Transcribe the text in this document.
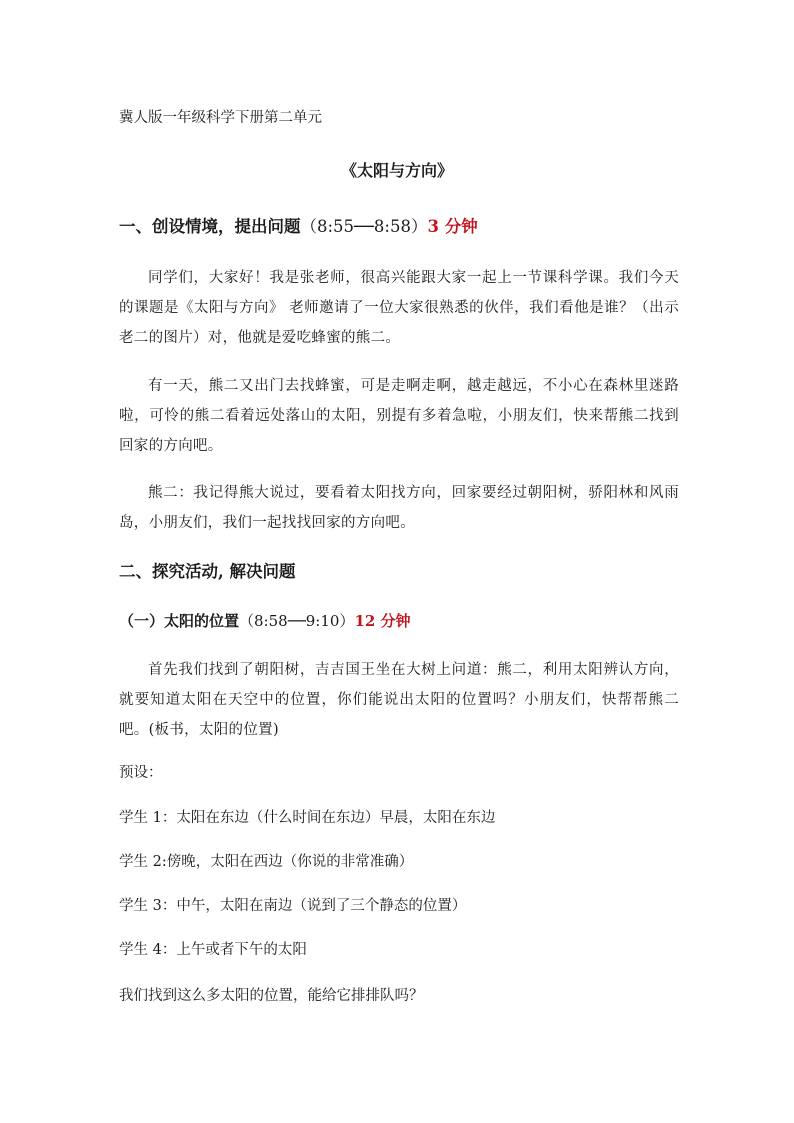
冀人版一年级科学下册第二单元
《太阳与方向》
一、创设情境，提出问题（8:55──8:58）3 分钟
同学们，大家好！我是张老师，很高兴能跟大家一起上一节课科学课。我们今天的课题是《太阳与方向》 老师邀请了一位大家很熟悉的伙伴，我们看他是谁？（出示老二的图片）对，他就是爱吃蜂蜜的熊二。
有一天，熊二又出门去找蜂蜜，可是走啊走啊，越走越远，不小心在森林里迷路啦，可怜的熊二看着远处落山的太阳，别提有多着急啦，小朋友们，快来帮熊二找到回家的方向吧。
熊二：我记得熊大说过，要看着太阳找方向，回家要经过朝阳树，骄阳林和风雨岛，小朋友们，我们一起找找回家的方向吧。
二、探究活动, 解决问题
（一）太阳的位置（8:58──9:10）12 分钟
首先我们找到了朝阳树，吉吉国王坐在大树上问道：熊二，利用太阳辨认方向，就要知道太阳在天空中的位置，你们能说出太阳的位置吗？小朋友们，快帮帮熊二吧。(板书，太阳的位置)
预设：
学生 1：太阳在东边（什么时间在东边）早晨，太阳在东边
学生 2:傍晚，太阳在西边（你说的非常准确）
学生 3：中午，太阳在南边（说到了三个静态的位置）
学生 4：上午或者下午的太阳
我们找到这么多太阳的位置，能给它排排队吗？
